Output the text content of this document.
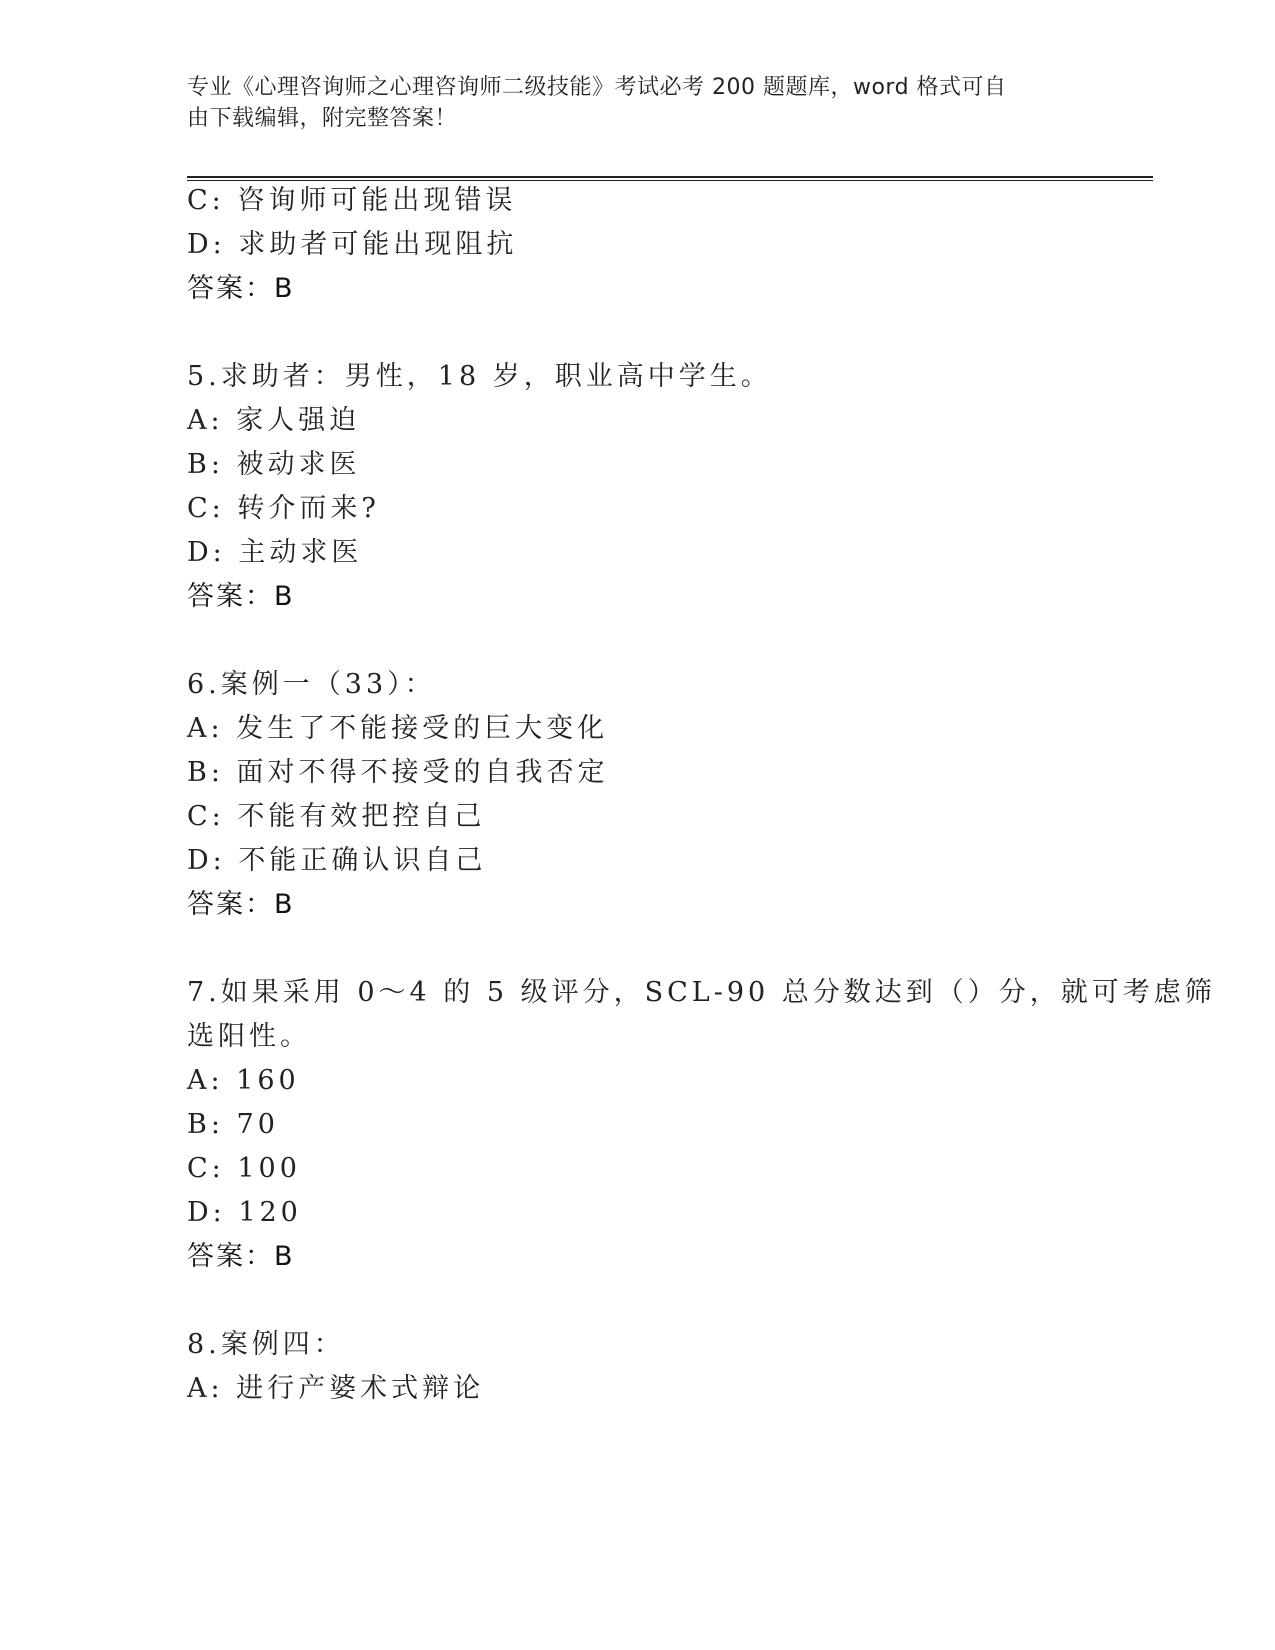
专业《心理咨询师之心理咨询师二级技能》考试必考 200 题题库，word 格式可自
由下载编辑，附完整答案！
C: 咨询师可能出现错误
D: 求助者可能出现阻抗
答案：B
5.求助者：男性，18 岁，职业高中学生。
A: 家人强迫
B: 被动求医
C: 转介而来?
D: 主动求医
答案：B
6.案例一（33）：
A: 发生了不能接受的巨大变化
B: 面对不得不接受的自我否定
C: 不能有效把控自己
D: 不能正确认识自己
答案：B
7.如果采用 0～4 的 5 级评分，SCL-90 总分数达到（）分，就可考虑筛
选阳性。
A: 160
B: 70
C: 100
D: 120
答案：B
8.案例四：
A: 进行产婆术式辩论
